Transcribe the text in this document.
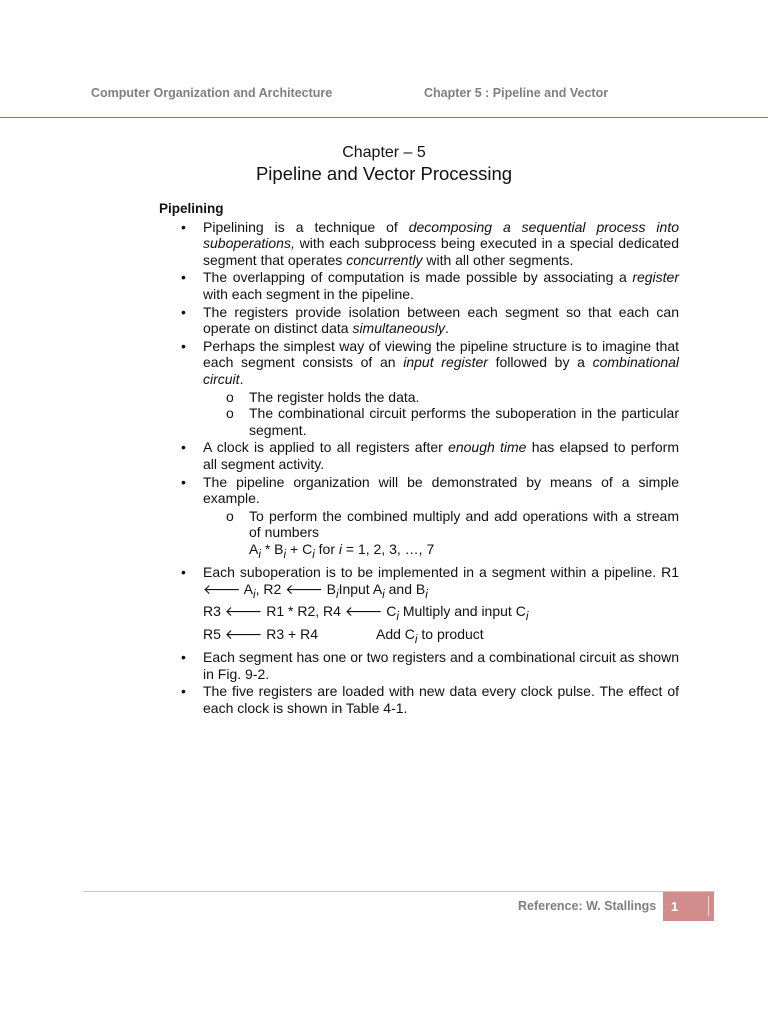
Computer Organization and Architecture	Chapter 5 : Pipeline and Vector
Chapter – 5
Pipeline and Vector Processing
Pipelining
•	Pipelining is a technique of decomposing a sequential process into suboperations, with each subprocess being executed in a special dedicated segment that operates concurrently with all other segments.
•	The overlapping of computation is made possible by associating a register with each segment in the pipeline.
•	The registers provide isolation between each segment so that each can operate on distinct data simultaneously.
•	Perhaps the simplest way of viewing the pipeline structure is to imagine that each segment consists of an input register followed by a combinational circuit.
o The register holds the data.
o The combinational circuit performs the suboperation in the particular segment.
•	A clock is applied to all registers after enough time has elapsed to perform all segment activity.
•	The pipeline organization will be demonstrated by means of a simple example.
o To perform the combined multiply and add operations with a stream of numbers
$A_i * B_i + C_i$ for i = 1, 2, 3, …, 7
•	Each suboperation is to be implemented in a segment within a pipeline. R1 🡐 $A_i$, R2 🡐 $B_iInput$ $A_i$ and $B_i$
R3 🡐 R1 * R2, R4 🡐 $C_i$ Multiply and input $C_i$
R5 🡐 R3 + R4	Add $C_i$ to product
•	Each segment has one or two registers and a combinational circuit as shown in Fig. 9-2.
•	The five registers are loaded with new data every clock pulse. The effect of each clock is shown in Table 4-1.
Reference: W. Stallings 1
